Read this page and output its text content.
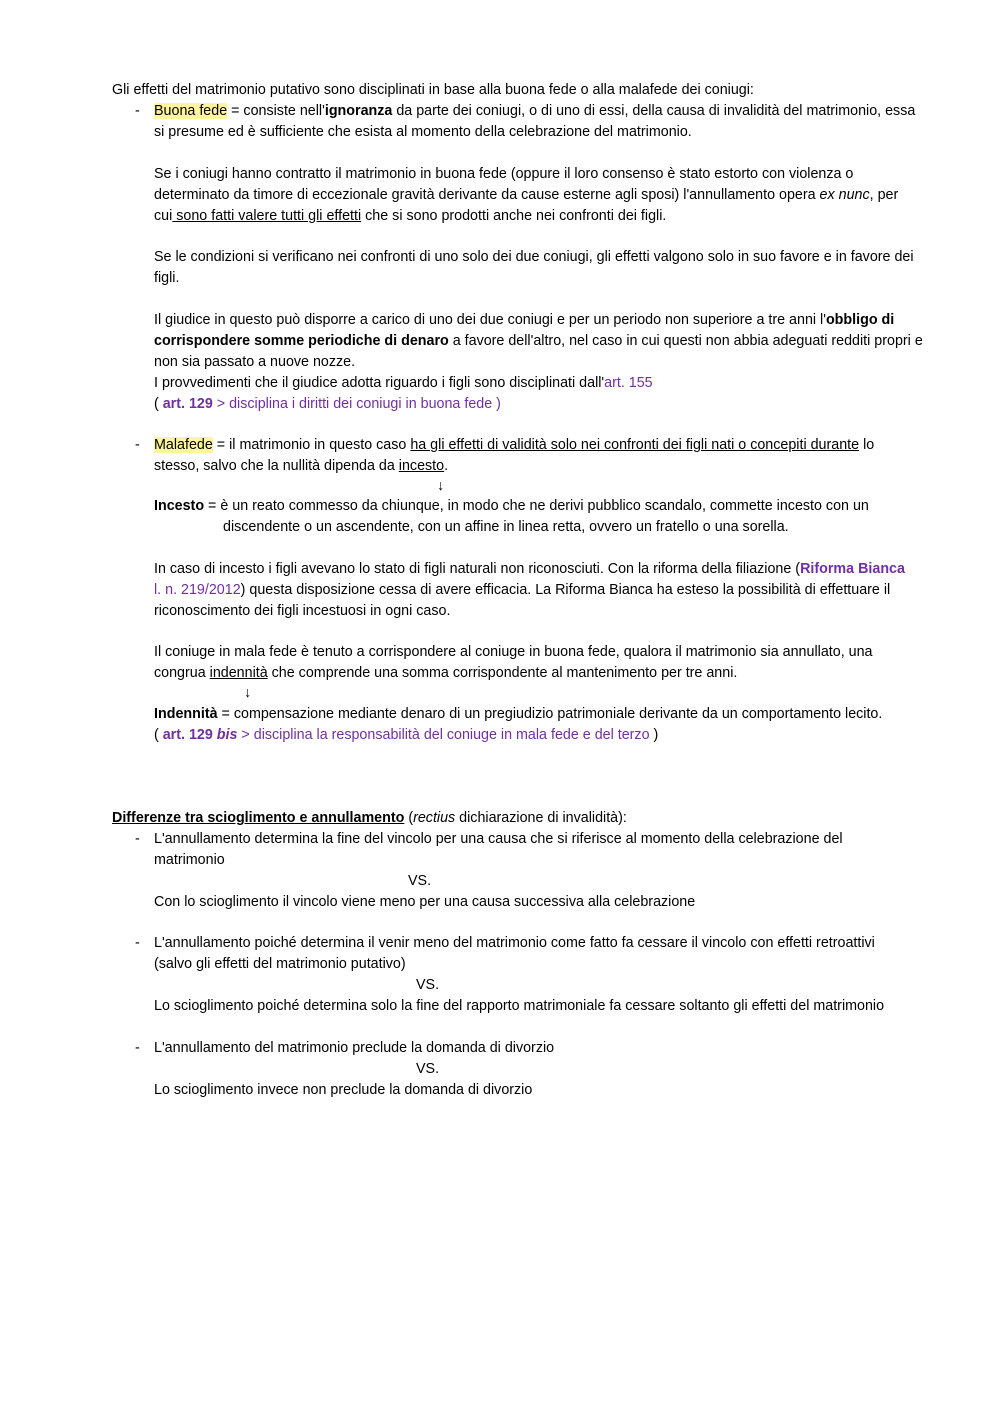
Gli effetti del matrimonio putativo sono disciplinati in base alla buona fede o alla malafede dei coniugi:
- Buona fede = consiste nell'ignoranza da parte dei coniugi, o di uno di essi, della causa di invalidità del matrimonio, essa
si presume ed è sufficiente che esista al momento della celebrazione del matrimonio.
Se i coniugi hanno contratto il matrimonio in buona fede (oppure il loro consenso è stato estorto con violenza o
determinato da timore di eccezionale gravità derivante da cause esterne agli sposi) l'annullamento opera ex nunc, per
cui sono fatti valere tutti gli effetti che si sono prodotti anche nei confronti dei figli.
Se le condizioni si verificano nei confronti di uno solo dei due coniugi, gli effetti valgono solo in suo favore e in favore dei
figli.
Il giudice in questo può disporre a carico di uno dei due coniugi e per un periodo non superiore a tre anni l'obbligo di
corrispondere somme periodiche di denaro a favore dell'altro, nel caso in cui questi non abbia adeguati redditi propri e
non sia passato a nuove nozze.
I provvedimenti che il giudice adotta riguardo i figli sono disciplinati dall'art. 155
( art. 129 > disciplina i diritti dei coniugi in buona fede )
- Malafede = il matrimonio in questo caso ha gli effetti di validità solo nei confronti dei figli nati o concepiti durante lo
stesso, salvo che la nullità dipenda da incesto.
↓
Incesto = è un reato commesso da chiunque, in modo che ne derivi pubblico scandalo, commette incesto con un
discendente o un ascendente, con un affine in linea retta, ovvero un fratello o una sorella.
In caso di incesto i figli avevano lo stato di figli naturali non riconosciuti. Con la riforma della filiazione (Riforma Bianca
l. n. 219/2012) questa disposizione cessa di avere efficacia. La Riforma Bianca ha esteso la possibilità di effettuare il
riconoscimento dei figli incestuosi in ogni caso.
Il coniuge in mala fede è tenuto a corrispondere al coniuge in buona fede, qualora il matrimonio sia annullato, una
congrua indennità che comprende una somma corrispondente al mantenimento per tre anni.
↓
Indennità = compensazione mediante denaro di un pregiudizio patrimoniale derivante da un comportamento lecito.
( art. 129 bis > disciplina la responsabilità del coniuge in mala fede e del terzo )
Differenze tra scioglimento e annullamento (rectius dichiarazione di invalidità):
- L'annullamento determina la fine del vincolo per una causa che si riferisce al momento della celebrazione del
matrimonio
VS.
Con lo scioglimento il vincolo viene meno per una causa successiva alla celebrazione
- L'annullamento poiché determina il venir meno del matrimonio come fatto fa cessare il vincolo con effetti retroattivi
(salvo gli effetti del matrimonio putativo)
VS.
Lo scioglimento poiché determina solo la fine del rapporto matrimoniale fa cessare soltanto gli effetti del matrimonio
- L'annullamento del matrimonio preclude la domanda di divorzio
VS.
Lo scioglimento invece non preclude la domanda di divorzio
